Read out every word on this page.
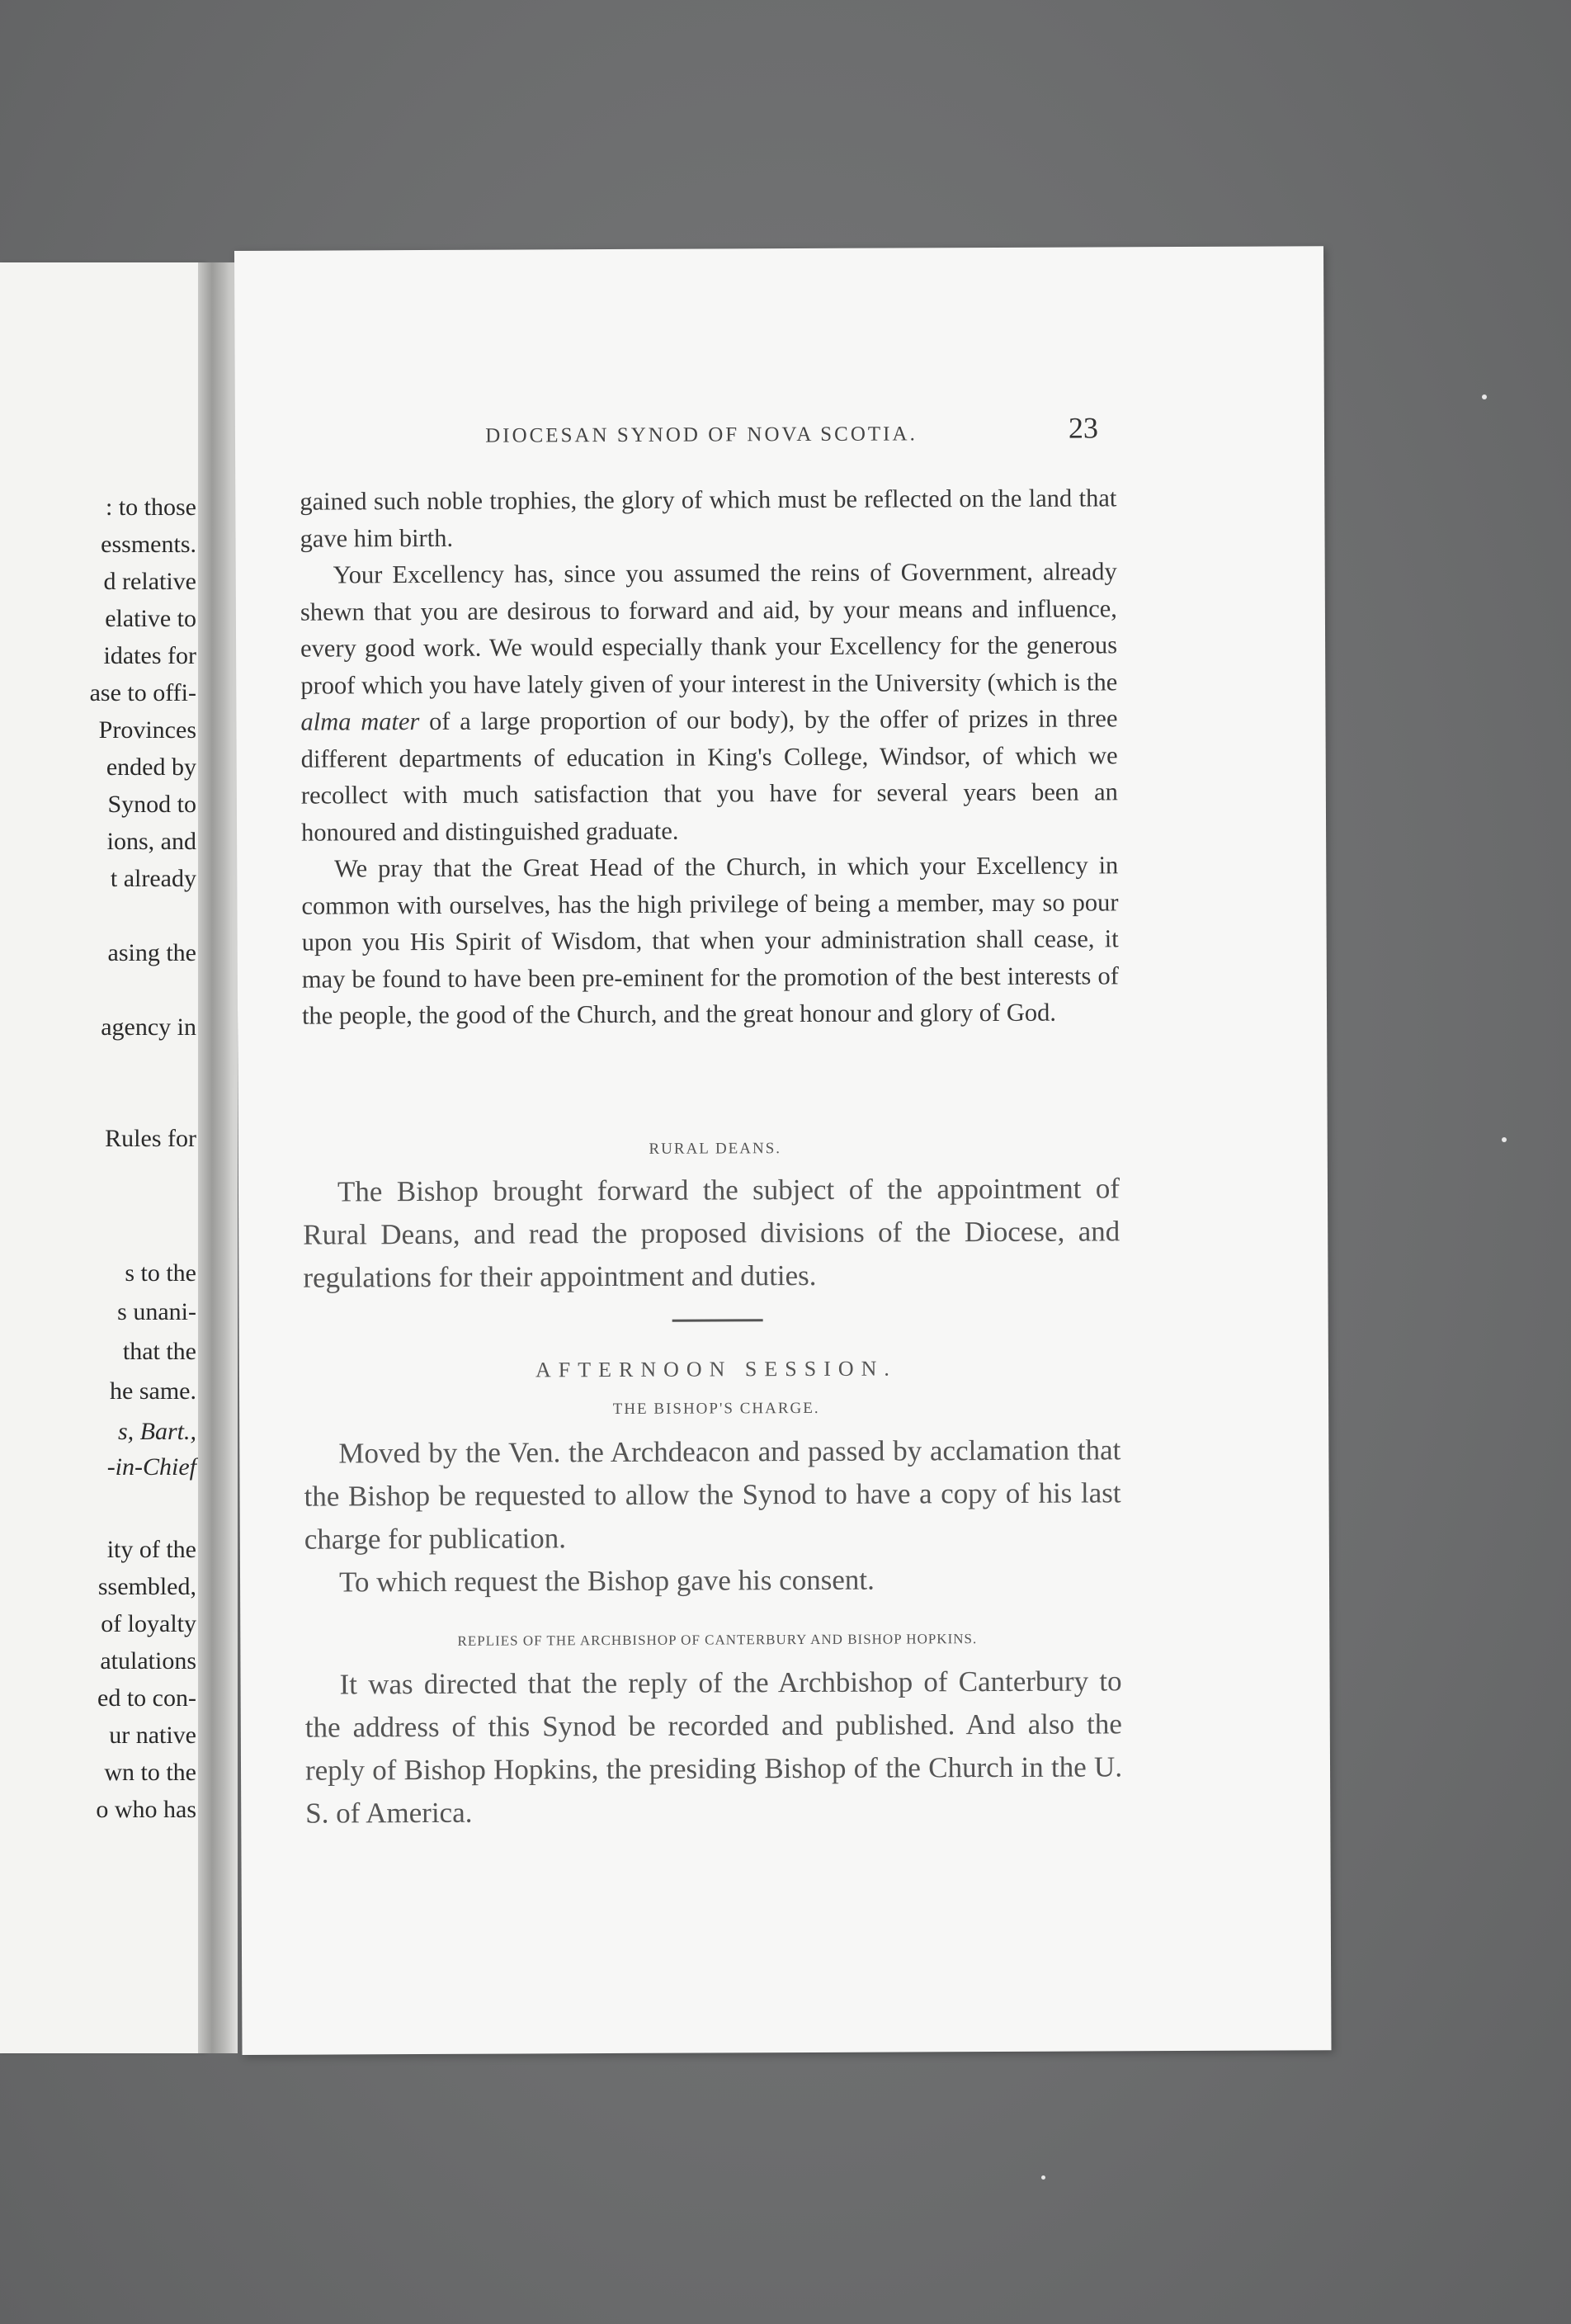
: to those
essments.
d relative
elative to
idates for
ase to offi-
Provinces
ended by
Synod to
ions, and
t already
asing the
agency in
Rules for
s to the
s unani-
that the
he same.
s, Bart.,
-in-Chief
ity of the
ssembled,
of loyalty
atulations
ed to con-
ur native
wn to the
o who has
DIOCESAN SYNOD OF NOVA SCOTIA.	23

gained such noble trophies, the glory of which must be reflected on the land that gave him birth.

Your Excellency has, since you assumed the reins of Government, already shewn that you are desirous to forward and aid, by your means and influence, every good work. We would especially thank your Excellency for the generous proof which you have lately given of your interest in the University (which is the alma mater of a large proportion of our body), by the offer of prizes in three different departments of education in King's College, Windsor, of which we recollect with much satisfaction that you have for several years been an honoured and distinguished graduate.

We pray that the Great Head of the Church, in which your Excellency in common with ourselves, has the high privilege of being a member, may so pour upon you His Spirit of Wisdom, that when your administration shall cease, it may be found to have been pre-eminent for the promotion of the best interests of the people, the good of the Church, and the great honour and glory of God.

RURAL DEANS.

The Bishop brought forward the subject of the appointment of Rural Deans, and read the proposed divisions of the Diocese, and regulations for their appointment and duties.

AFTERNOON SESSION.
THE BISHOP'S CHARGE.

Moved by the Ven. the Archdeacon and passed by acclamation that the Bishop be requested to allow the Synod to have a copy of his last charge for publication.

To which request the Bishop gave his consent.

REPLIES OF THE ARCHBISHOP OF CANTERBURY AND BISHOP HOPKINS.

It was directed that the reply of the Archbishop of Canterbury to the address of this Synod be recorded and published. And also the reply of Bishop Hopkins, the presiding Bishop of the Church in the U. S. of America.
